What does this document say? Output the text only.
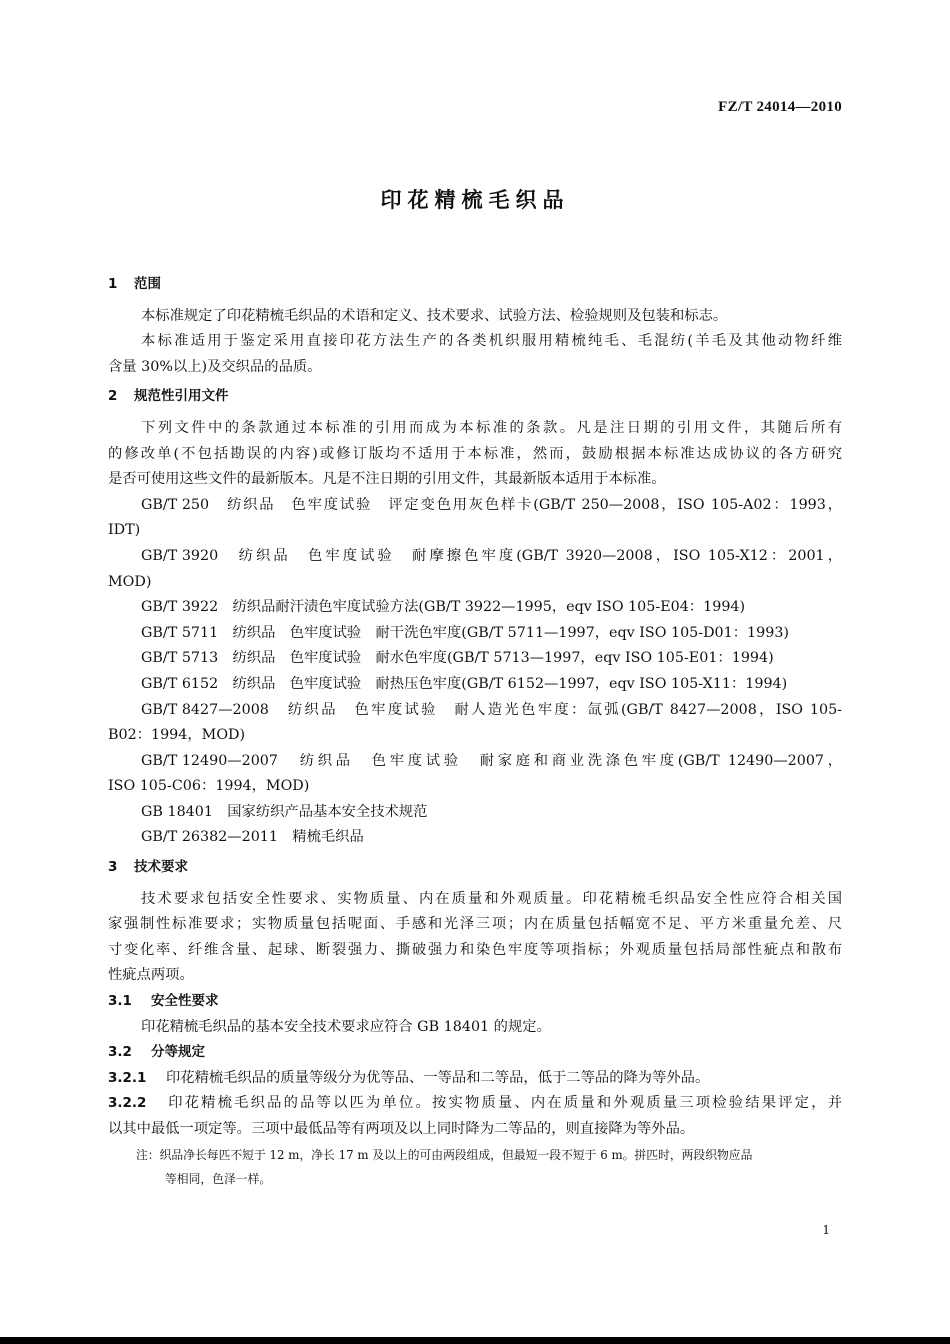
FZ/T 24014—2010
印花精梳毛织品
1 范围
本标准规定了印花精梳毛织品的术语和定义、技术要求、试验方法、检验规则及包装和标志。
本标准适用于鉴定采用直接印花方法生产的各类机织服用精梳纯毛、毛混纺(羊毛及其他动物纤维
含量 30%以上)及交织品的品质。
2 规范性引用文件
下列文件中的条款通过本标准的引用而成为本标准的条款。凡是注日期的引用文件，其随后所有
的修改单(不包括勘误的内容)或修订版均不适用于本标准，然而，鼓励根据本标准达成协议的各方研究
是否可使用这些文件的最新版本。凡是不注日期的引用文件，其最新版本适用于本标准。
GB/T 250　 纺织品　色牢度试验　评定变色用灰色样卡(GB/T 250—2008，ISO 105-A02：1993，
IDT)
GB/T 3920　 纺织品　色牢度试验　耐摩擦色牢度(GB/T 3920—2008，ISO 105-X12：2001，
MOD)
GB/T 3922　 纺织品耐汗渍色牢度试验方法(GB/T 3922—1995，eqv ISO 105-E04：1994)
GB/T 5711　 纺织品　色牢度试验　耐干洗色牢度(GB/T 5711—1997，eqv ISO 105-D01：1993)
GB/T 5713　 纺织品　色牢度试验　耐水色牢度(GB/T 5713—1997，eqv ISO 105-E01：1994)
GB/T 6152　 纺织品　色牢度试验　耐热压色牢度(GB/T 6152—1997，eqv ISO 105-X11：1994)
GB/T 8427—2008　 纺织品　色牢度试验　耐人造光色牢度：氙弧(GB/T 8427—2008，ISO 105-
B02：1994，MOD)
GB/T 12490—2007　 纺织品　色牢度试验　耐家庭和商业洗涤色牢度(GB/T 12490—2007，
ISO 105-C06：1994，MOD)
GB 18401　 国家纺织产品基本安全技术规范
GB/T 26382—2011　 精梳毛织品
3 技术要求
技术要求包括安全性要求、实物质量、内在质量和外观质量。印花精梳毛织品安全性应符合相关国
家强制性标准要求；实物质量包括呢面、手感和光泽三项；内在质量包括幅宽不足、平方米重量允差、尺
寸变化率、纤维含量、起球、断裂强力、撕破强力和染色牢度等项指标；外观质量包括局部性疵点和散布
性疵点两项。
3.1 安全性要求
印花精梳毛织品的基本安全技术要求应符合 GB 18401 的规定。
3.2 分等规定
3.2.1 印花精梳毛织品的质量等级分为优等品、一等品和二等品，低于二等品的降为等外品。
3.2.2 印花精梳毛织品的品等以匹为单位。按实物质量、内在质量和外观质量三项检验结果评定，并
以其中最低一项定等。三项中最低品等有两项及以上同时降为二等品的，则直接降为等外品。
注：织品净长每匹不短于 12 m，净长 17 m 及以上的可由两段组成，但最短一段不短于 6 m。拼匹时，两段织物应品
等相同，色泽一样。
1
